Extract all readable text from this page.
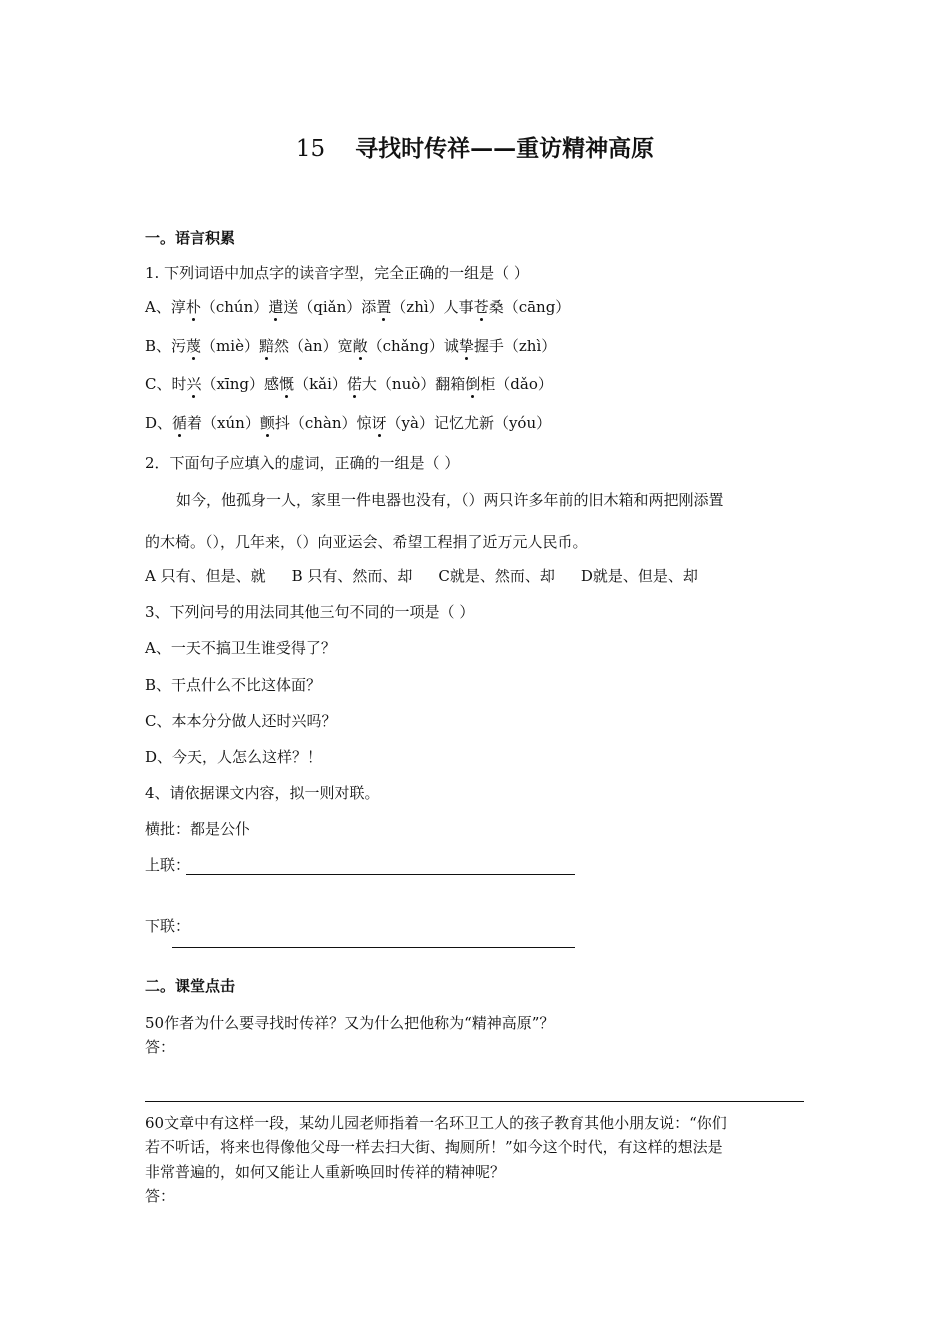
15 寻找时传祥——重访精神高原
一。语言积累
1. 下列词语中加点字的读音字型，完全正确的一组是（ ）
A、淳朴（chún）遣送（qiǎn）添置（zhì）人事苍桑（cāng）
B、污蔑（miè）黯然（àn）宽敞（chǎng）诚挚握手（zhì）
C、时兴（xīng）感慨（kǎi）偌大（nuò）翻箱倒柜（dǎo）
D、循着（xún）颤抖（chàn）惊讶（yà）记忆尤新（yóu）
2．下面句子应填入的虚词，正确的一组是（ ）
如今，他孤身一人，家里一件电器也没有，（）两只许多年前的旧木箱和两把刚添置
的木椅。（），几年来，（）向亚运会、希望工程捐了近万元人民币。
A 只有、但是、就 B 只有、然而、却 C就是、然而、却 D就是、但是、却
3、下列问号的用法同其他三句不同的一项是（ ）
A、一天不搞卫生谁受得了？
B、干点什么不比这体面？
C、本本分分做人还时兴吗？
D、今天，人怎么这样？！
4、请依据课文内容，拟一则对联。
横批：都是公仆
上联：
下联：
二。课堂点击
50作者为什么要寻找时传祥？又为什么把他称为“精神高原”？
答：
60文章中有这样一段，某幼儿园老师指着一名环卫工人的孩子教育其他小朋友说：“你们
若不听话，将来也得像他父母一样去扫大街、掏厕所！”如今这个时代，有这样的想法是
非常普遍的，如何又能让人重新唤回时传祥的精神呢？
答：
